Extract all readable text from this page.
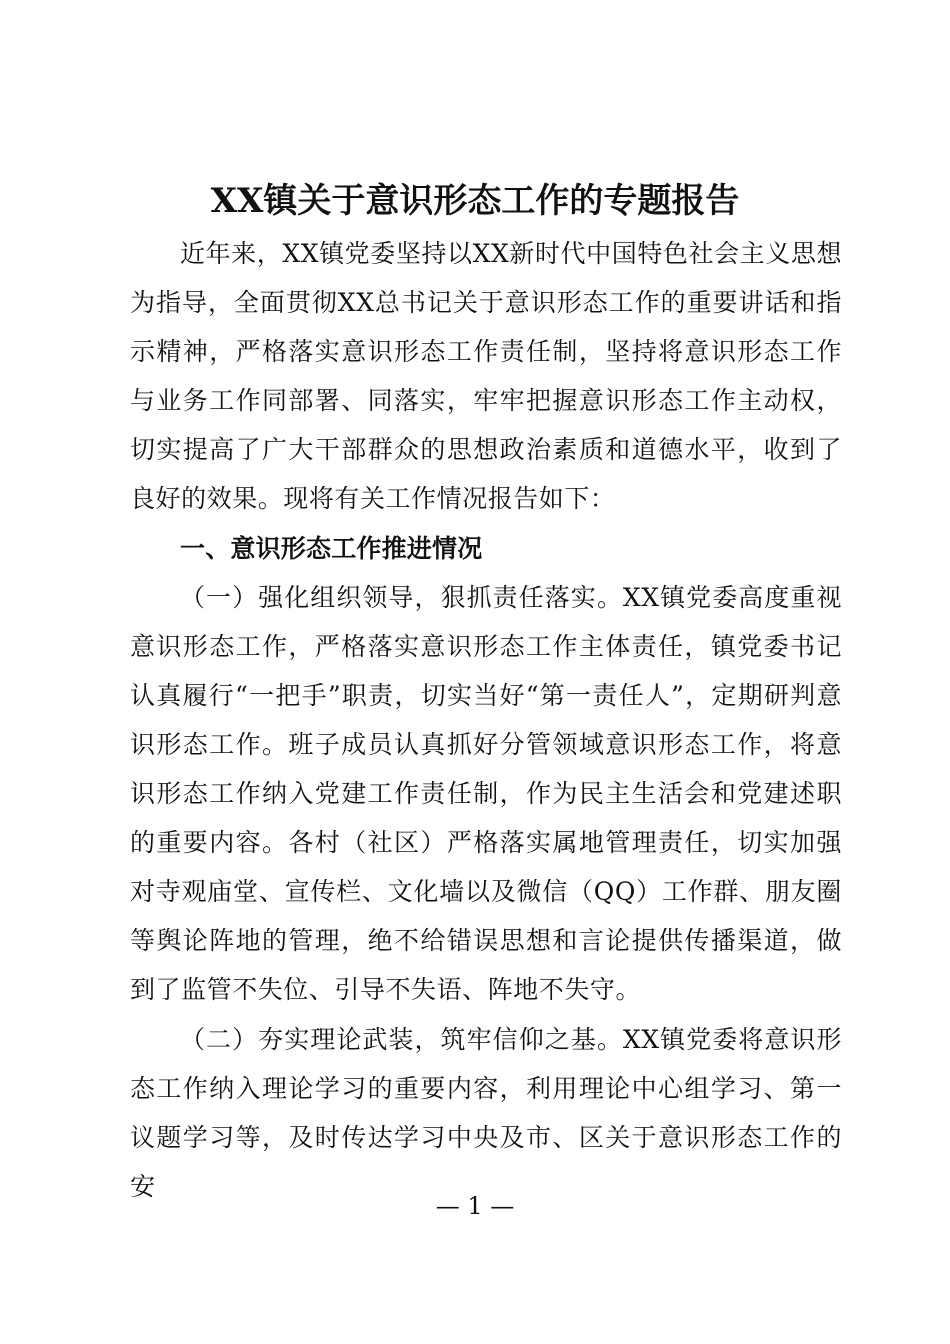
XX镇关于意识形态工作的专题报告

近年来，XX镇党委坚持以XX新时代中国特色社会主义思想为指导，全面贯彻XX总书记关于意识形态工作的重要讲话和指示精神，严格落实意识形态工作责任制，坚持将意识形态工作与业务工作同部署、同落实，牢牢把握意识形态工作主动权，切实提高了广大干部群众的思想政治素质和道德水平，收到了良好的效果。现将有关工作情况报告如下：

一、意识形态工作推进情况

（一）强化组织领导，狠抓责任落实。XX镇党委高度重视意识形态工作，严格落实意识形态工作主体责任，镇党委书记认真履行“一把手”职责，切实当好“第一责任人”，定期研判意识形态工作。班子成员认真抓好分管领域意识形态工作，将意识形态工作纳入党建工作责任制，作为民主生活会和党建述职的重要内容。各村（社区）严格落实属地管理责任，切实加强对寺观庙堂、宣传栏、文化墙以及微信（QQ）工作群、朋友圈等舆论阵地的管理，绝不给错误思想和言论提供传播渠道，做到了监管不失位、引导不失语、阵地不失守。

（二）夯实理论武装，筑牢信仰之基。XX镇党委将意识形态工作纳入理论学习的重要内容，利用理论中心组学习、第一议题学习等，及时传达学习中央及市、区关于意识形态工作的安

— 1 —
